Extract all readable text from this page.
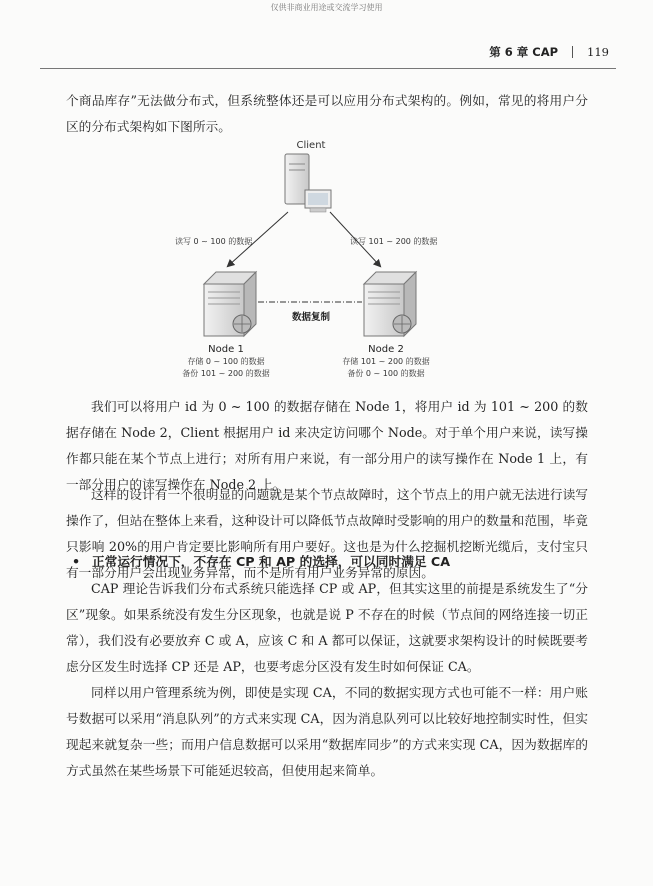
仅供非商业用途或交流学习使用
第 6 章 CAP	119

个商品库存”无法做分布式，但系统整体还是可以应用分布式架构的。例如，常见的将用户分区的分布式架构如下图所示。

Client
读写 0 ~ 100 的数据	读写 101 ~ 200 的数据
数据复制
Node 1
存储 0 ~ 100 的数据
备份 101 ~ 200 的数据
Node 2
存储 101 ~ 200 的数据
备份 0 ~ 100 的数据

我们可以将用户 id 为 0 ~ 100 的数据存储在 Node 1，将用户 id 为 101 ~ 200 的数据存储在 Node 2，Client 根据用户 id 来决定访问哪个 Node。对于单个用户来说，读写操作都只能在某个节点上进行；对所有用户来说，有一部分用户的读写操作在 Node 1 上，有一部分用户的读写操作在 Node 2 上。

这样的设计有一个很明显的问题就是某个节点故障时，这个节点上的用户就无法进行读写操作了，但站在整体上来看，这种设计可以降低节点故障时受影响的用户的数量和范围，毕竟只影响 20%的用户肯定要比影响所有用户要好。这也是为什么挖掘机挖断光缆后，支付宝只有一部分用户会出现业务异常，而不是所有用户业务异常的原因。

• 正常运行情况下，不存在 CP 和 AP 的选择，可以同时满足 CA

CAP 理论告诉我们分布式系统只能选择 CP 或 AP，但其实这里的前提是系统发生了“分区”现象。如果系统没有发生分区现象，也就是说 P 不存在的时候（节点间的网络连接一切正常），我们没有必要放弃 C 或 A，应该 C 和 A 都可以保证，这就要求架构设计的时候既要考虑分区发生时选择 CP 还是 AP，也要考虑分区没有发生时如何保证 CA。

同样以用户管理系统为例，即使是实现 CA，不同的数据实现方式也可能不一样：用户账号数据可以采用“消息队列”的方式来实现 CA，因为消息队列可以比较好地控制实时性，但实现起来就复杂一些；而用户信息数据可以采用“数据库同步”的方式来实现 CA，因为数据库的方式虽然在某些场景下可能延迟较高，但使用起来简单。
